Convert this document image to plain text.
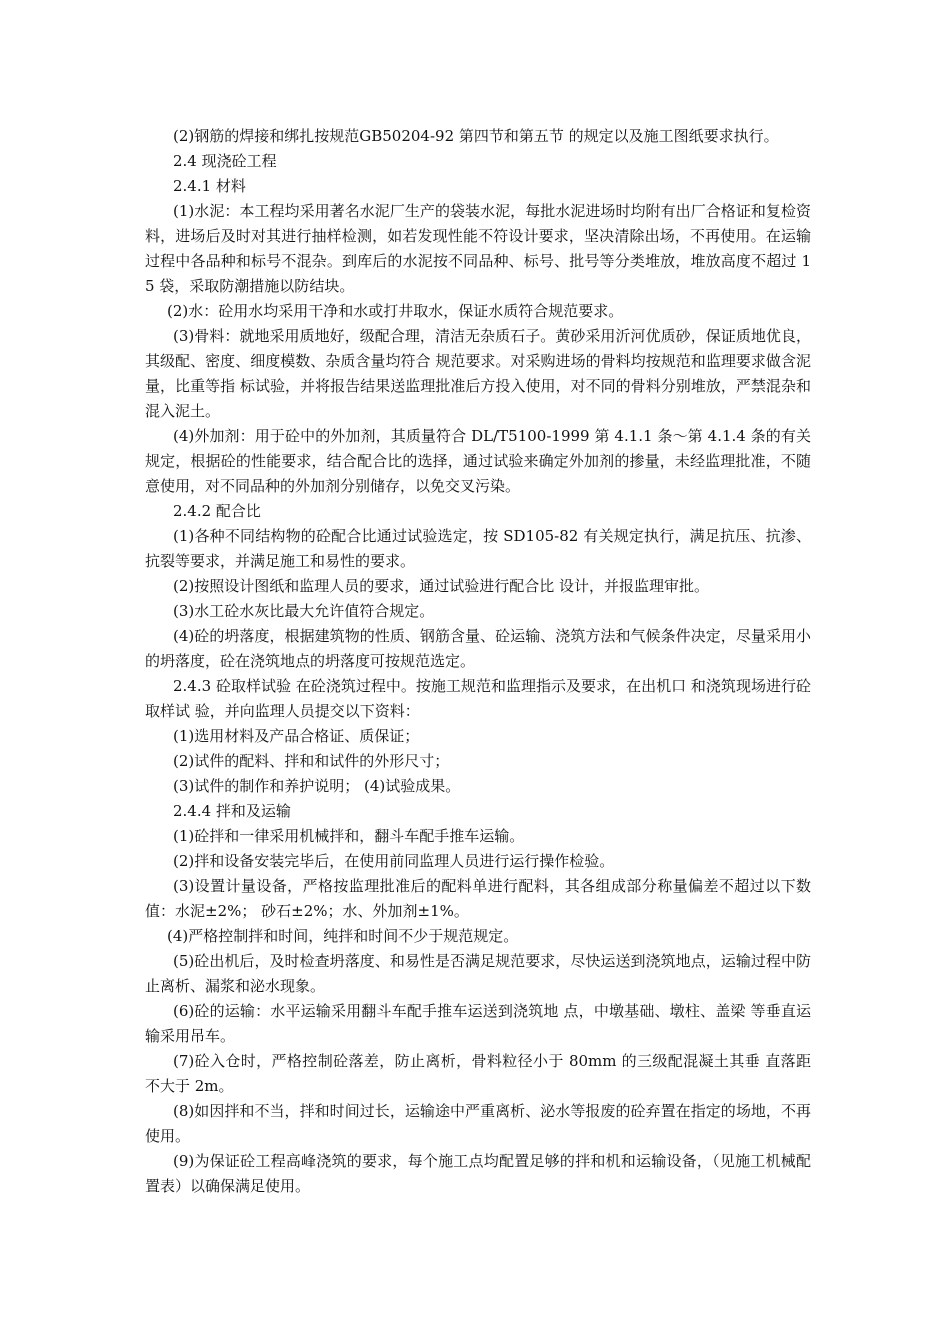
(2)钢筋的焊接和绑扎按规范GB50204-92 第四节和第五节 的规定以及施工图纸要求执行。

2.4 现浇砼工程

2.4.1 材料

(1)水泥：本工程均采用著名水泥厂生产的袋装水泥，每批水泥进场时均附有出厂合格证和复检资料，进场后及时对其进行抽样检测，如若发现性能不符设计要求，坚决清除出场，不再使用。在运输过程中各品种和标号不混杂。到库后的水泥按不同品种、标号、批号等分类堆放，堆放高度不超过 15 袋，采取防潮措施以防结块。

(2)水：砼用水均采用干净和水或打井取水，保证水质符合规范要求。

(3)骨料：就地采用质地好，级配合理，清洁无杂质石子。黄砂采用沂河优质砂，保证质地优良，其级配、密度、细度模数、杂质含量均符合 规范要求。对采购进场的骨料均按规范和监理要求做含泥量，比重等指 标试验，并将报告结果送监理批准后方投入使用，对不同的骨料分别堆放，严禁混杂和混入泥土。

(4)外加剂：用于砼中的外加剂，其质量符合 DL/T5100-1999 第 4.1.1 条～第 4.1.4 条的有关规定，根据砼的性能要求，结合配合比的选择，通过试验来确定外加剂的掺量，未经监理批准，不随意使用，对不同品种的外加剂分别储存，以免交叉污染。

2.4.2 配合比

(1)各种不同结构物的砼配合比通过试验选定，按 SD105-82 有关规定执行，满足抗压、抗渗、抗裂等要求，并满足施工和易性的要求。

(2)按照设计图纸和监理人员的要求，通过试验进行配合比 设计，并报监理审批。

(3)水工砼水灰比最大允许值符合规定。

(4)砼的坍落度，根据建筑物的性质、钢筋含量、砼运输、浇筑方法和气候条件决定，尽量采用小的坍落度，砼在浇筑地点的坍落度可按规范选定。

2.4.3 砼取样试验 在砼浇筑过程中。按施工规范和监理指示及要求，在出机口 和浇筑现场进行砼取样试 验，并向监理人员提交以下资料：

(1)选用材料及产品合格证、质保证；

(2)试件的配料、拌和和试件的外形尺寸；

(3)试件的制作和养护说明； (4)试验成果。

2.4.4 拌和及运输

(1)砼拌和一律采用机械拌和，翻斗车配手推车运输。

(2)拌和设备安装完毕后，在使用前同监理人员进行运行操作检验。

(3)设置计量设备，严格按监理批准后的配料单进行配料，其各组成部分称量偏差不超过以下数值：水泥±2%； 砂石±2%；水、外加剂±1%。

(4)严格控制拌和时间，纯拌和时间不少于规范规定。

(5)砼出机后，及时检查坍落度、和易性是否满足规范要求，尽快运送到浇筑地点，运输过程中防止离析、漏浆和泌水现象。

(6)砼的运输：水平运输采用翻斗车配手推车运送到浇筑地 点，中墩基础、墩柱、盖梁 等垂直运输采用吊车。

(7)砼入仓时，严格控制砼落差，防止离析，骨料粒径小于 80mm 的三级配混凝土其垂 直落距不大于 2m。

(8)如因拌和不当，拌和时间过长，运输途中严重离析、泌水等报废的砼弃置在指定的场地，不再使用。

(9)为保证砼工程高峰浇筑的要求，每个施工点均配置足够的拌和机和运输设备，（见施工机械配置表）以确保满足使用。
